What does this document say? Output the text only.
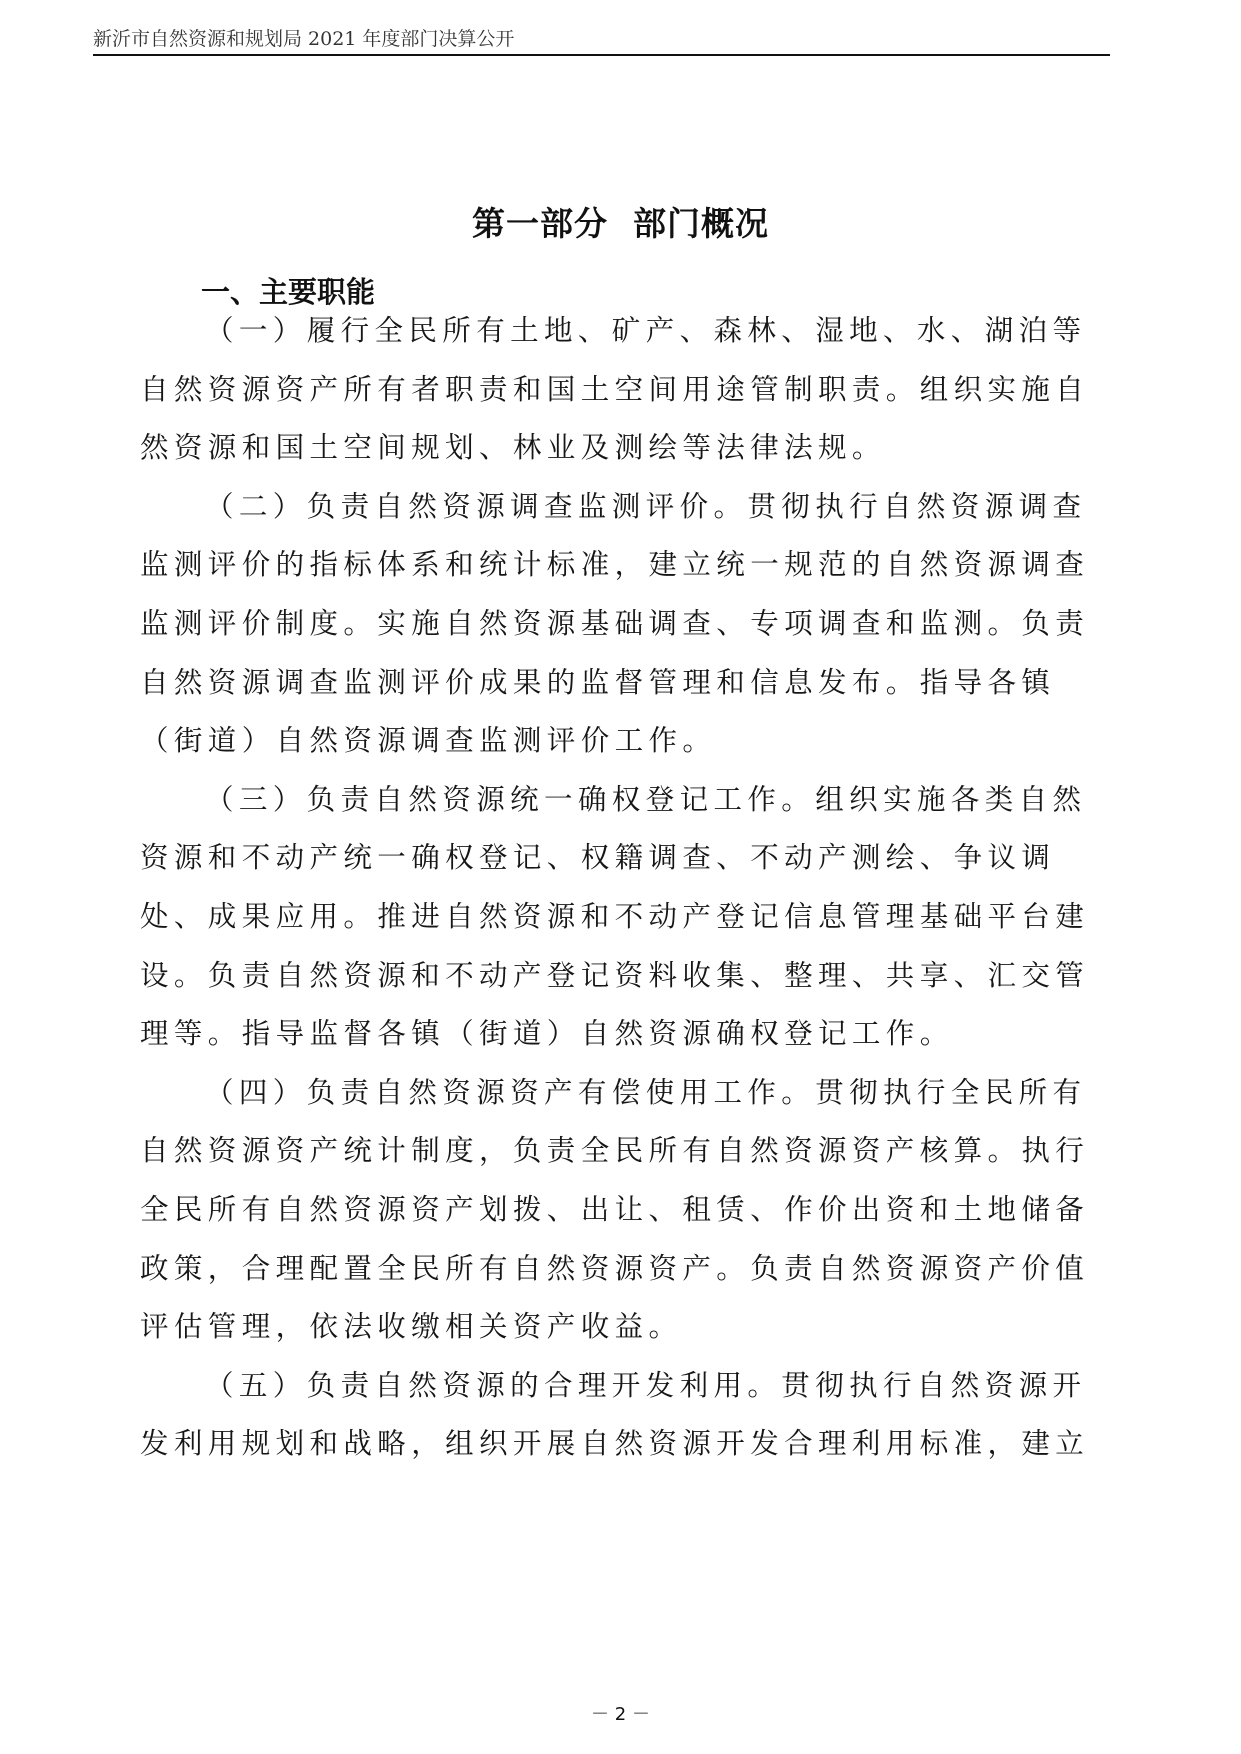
新沂市自然资源和规划局 2021 年度部门决算公开
第一部分  部门概况
一、主要职能
（一）履行全民所有土地、矿产、森林、湿地、水、湖泊等
自然资源资产所有者职责和国土空间用途管制职责。组织实施自
然资源和国土空间规划、林业及测绘等法律法规。
（二）负责自然资源调查监测评价。贯彻执行自然资源调查
监测评价的指标体系和统计标准，建立统一规范的自然资源调查
监测评价制度。实施自然资源基础调查、专项调查和监测。负责
自然资源调查监测评价成果的监督管理和信息发布。指导各镇
（街道）自然资源调查监测评价工作。
（三）负责自然资源统一确权登记工作。组织实施各类自然
资源和不动产统一确权登记、权籍调查、不动产测绘、争议调
处、成果应用。推进自然资源和不动产登记信息管理基础平台建
设。负责自然资源和不动产登记资料收集、整理、共享、汇交管
理等。指导监督各镇（街道）自然资源确权登记工作。
（四）负责自然资源资产有偿使用工作。贯彻执行全民所有
自然资源资产统计制度，负责全民所有自然资源资产核算。执行
全民所有自然资源资产划拨、出让、租赁、作价出资和土地储备
政策，合理配置全民所有自然资源资产。负责自然资源资产价值
评估管理，依法收缴相关资产收益。
（五）负责自然资源的合理开发利用。贯彻执行自然资源开
发利用规划和战略，组织开展自然资源开发合理利用标准，建立
－ 2 －
